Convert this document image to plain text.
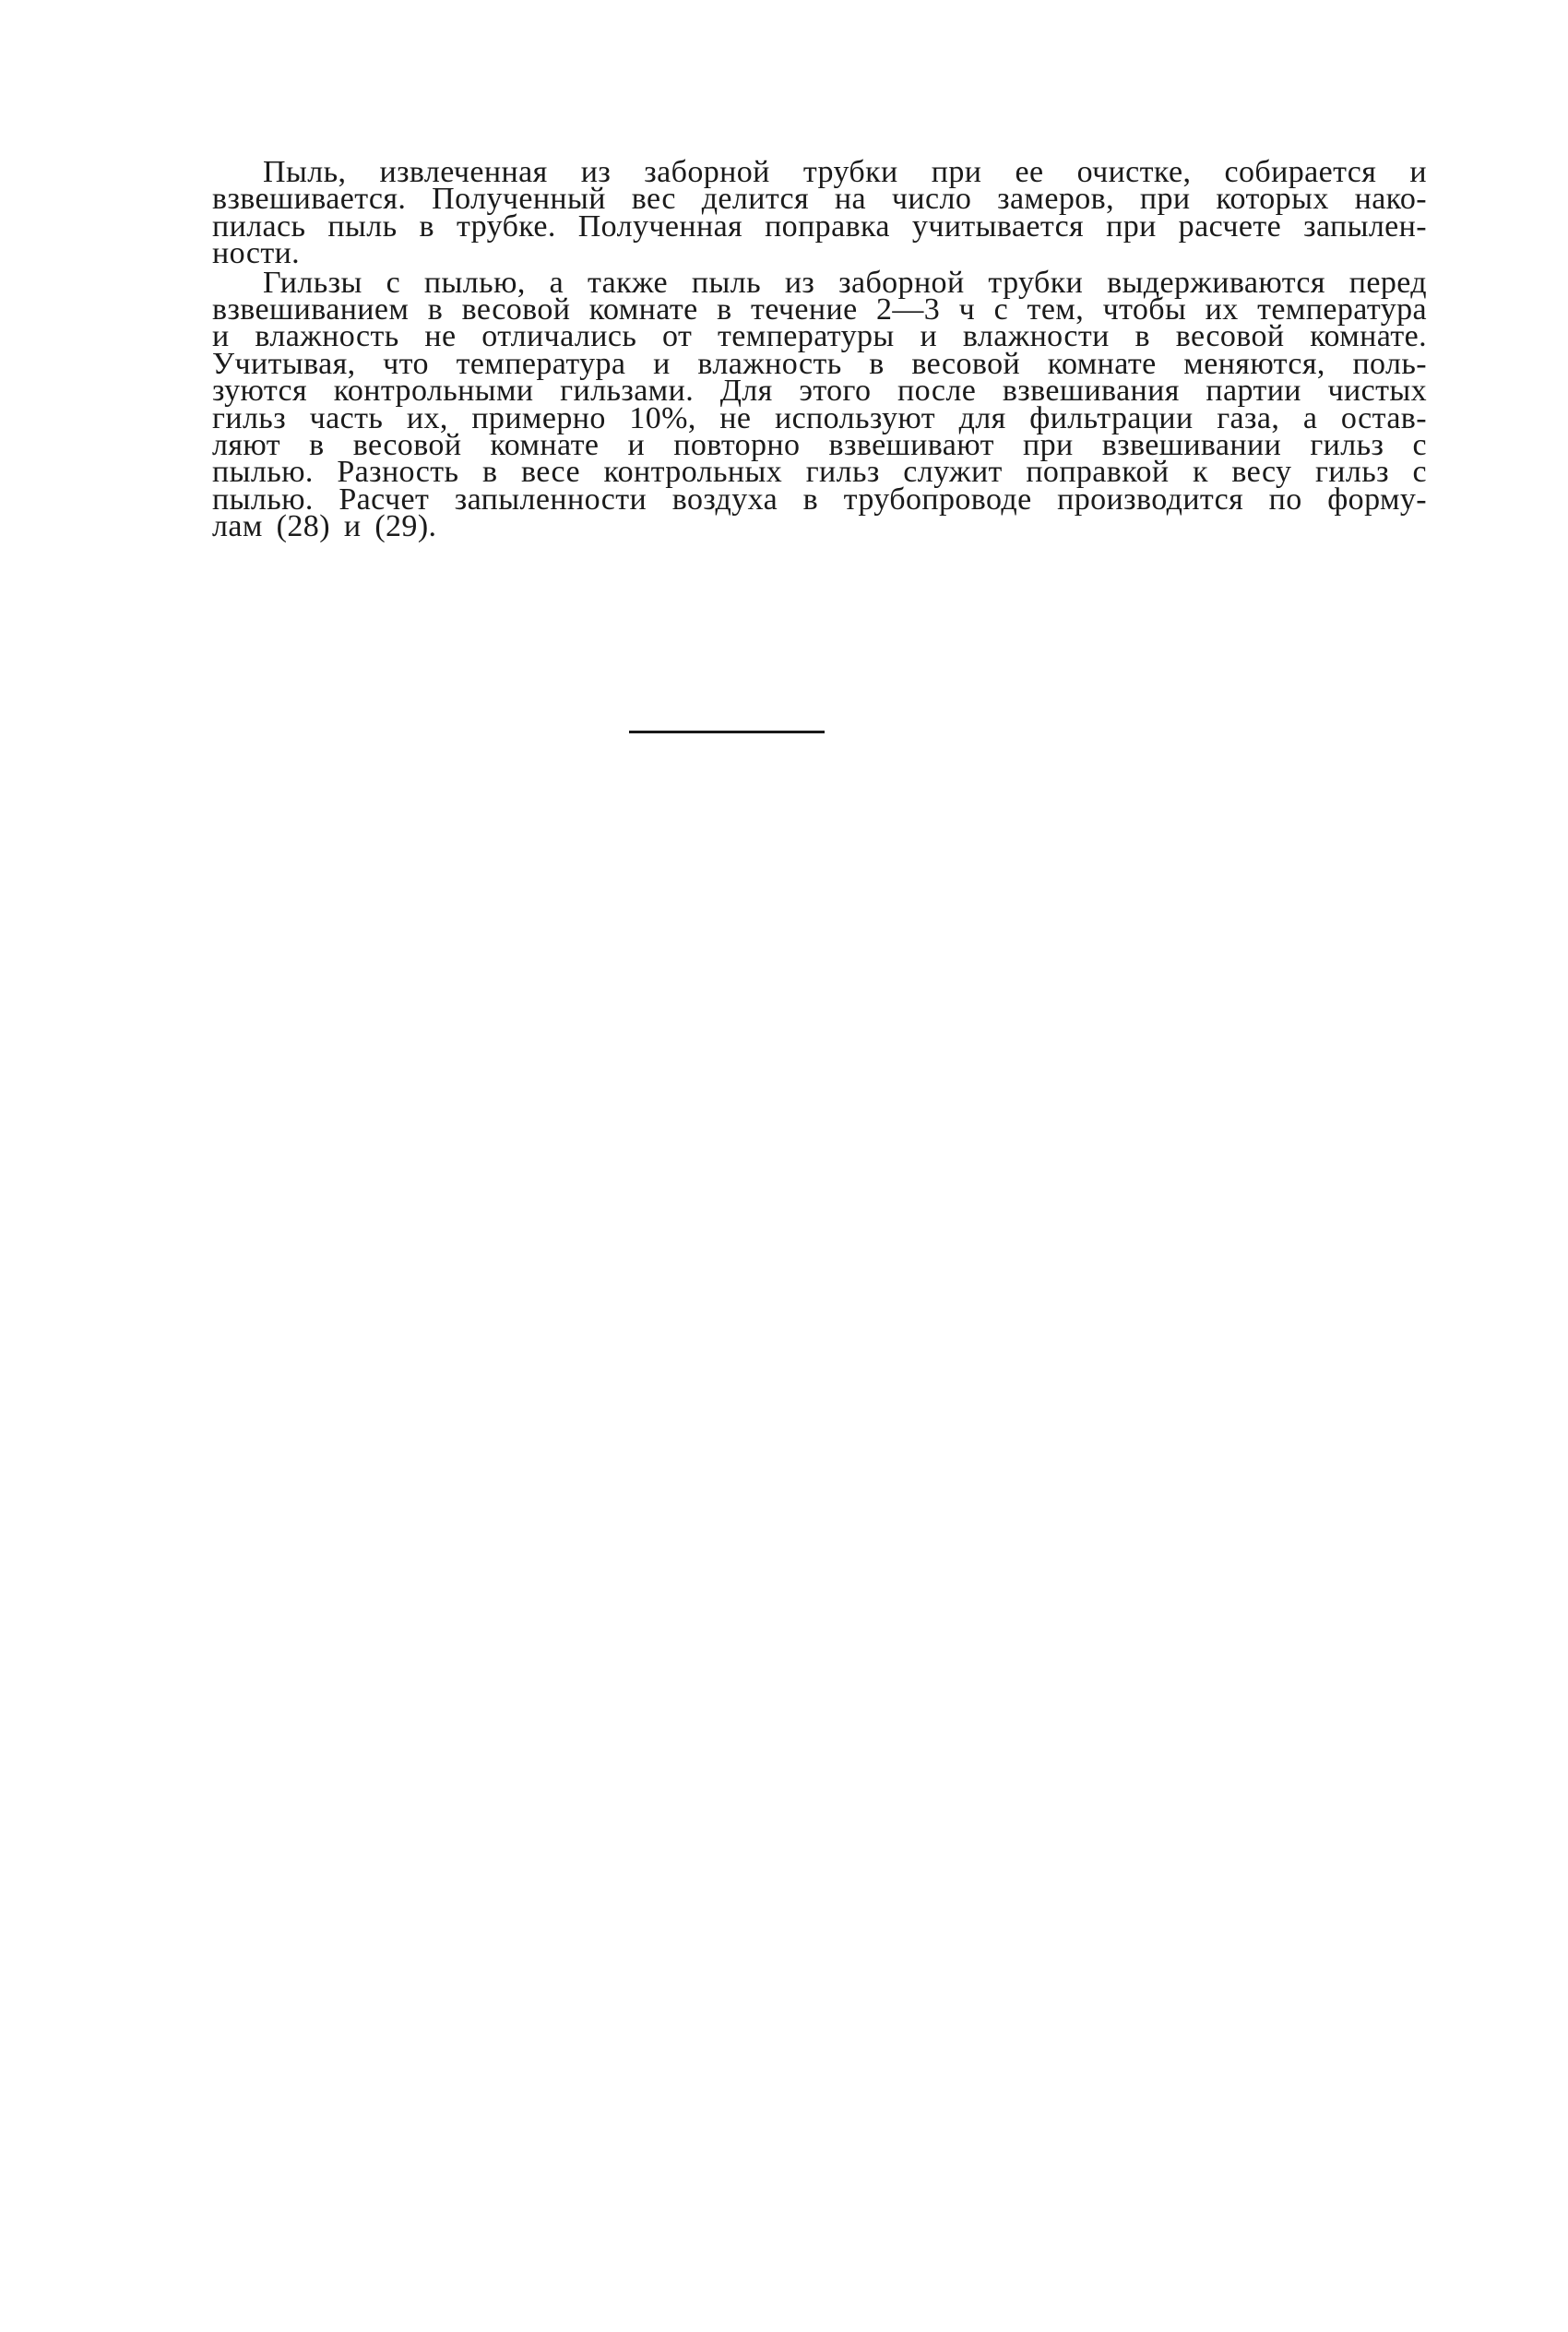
Пыль, извлеченная из заборной трубки при ее очистке, собирается и
взвешивается. Полученный вес делится на число замеров, при которых нако-
пилась пыль в трубке. Полученная поправка учитывается при расчете запылен-
ности.

Гильзы с пылью, а также пыль из заборной трубки выдерживаются перед
взвешиванием в весовой комнате в течение 2—3 ч с тем, чтобы их температура
и влажность не отличались от температуры и влажности в весовой комнате.
Учитывая, что температура и влажность в весовой комнате меняются, поль-
зуются контрольными гильзами. Для этого после взвешивания партии чистых
гильз часть их, примерно 10%, не используют для фильтрации газа, а остав-
ляют в весовой комнате и повторно взвешивают при взвешивании гильз с
пылью. Разность в весе контрольных гильз служит поправкой к весу гильз с
пылью. Расчет запыленности воздуха в трубопроводе производится по форму-
лам (28) и (29).
